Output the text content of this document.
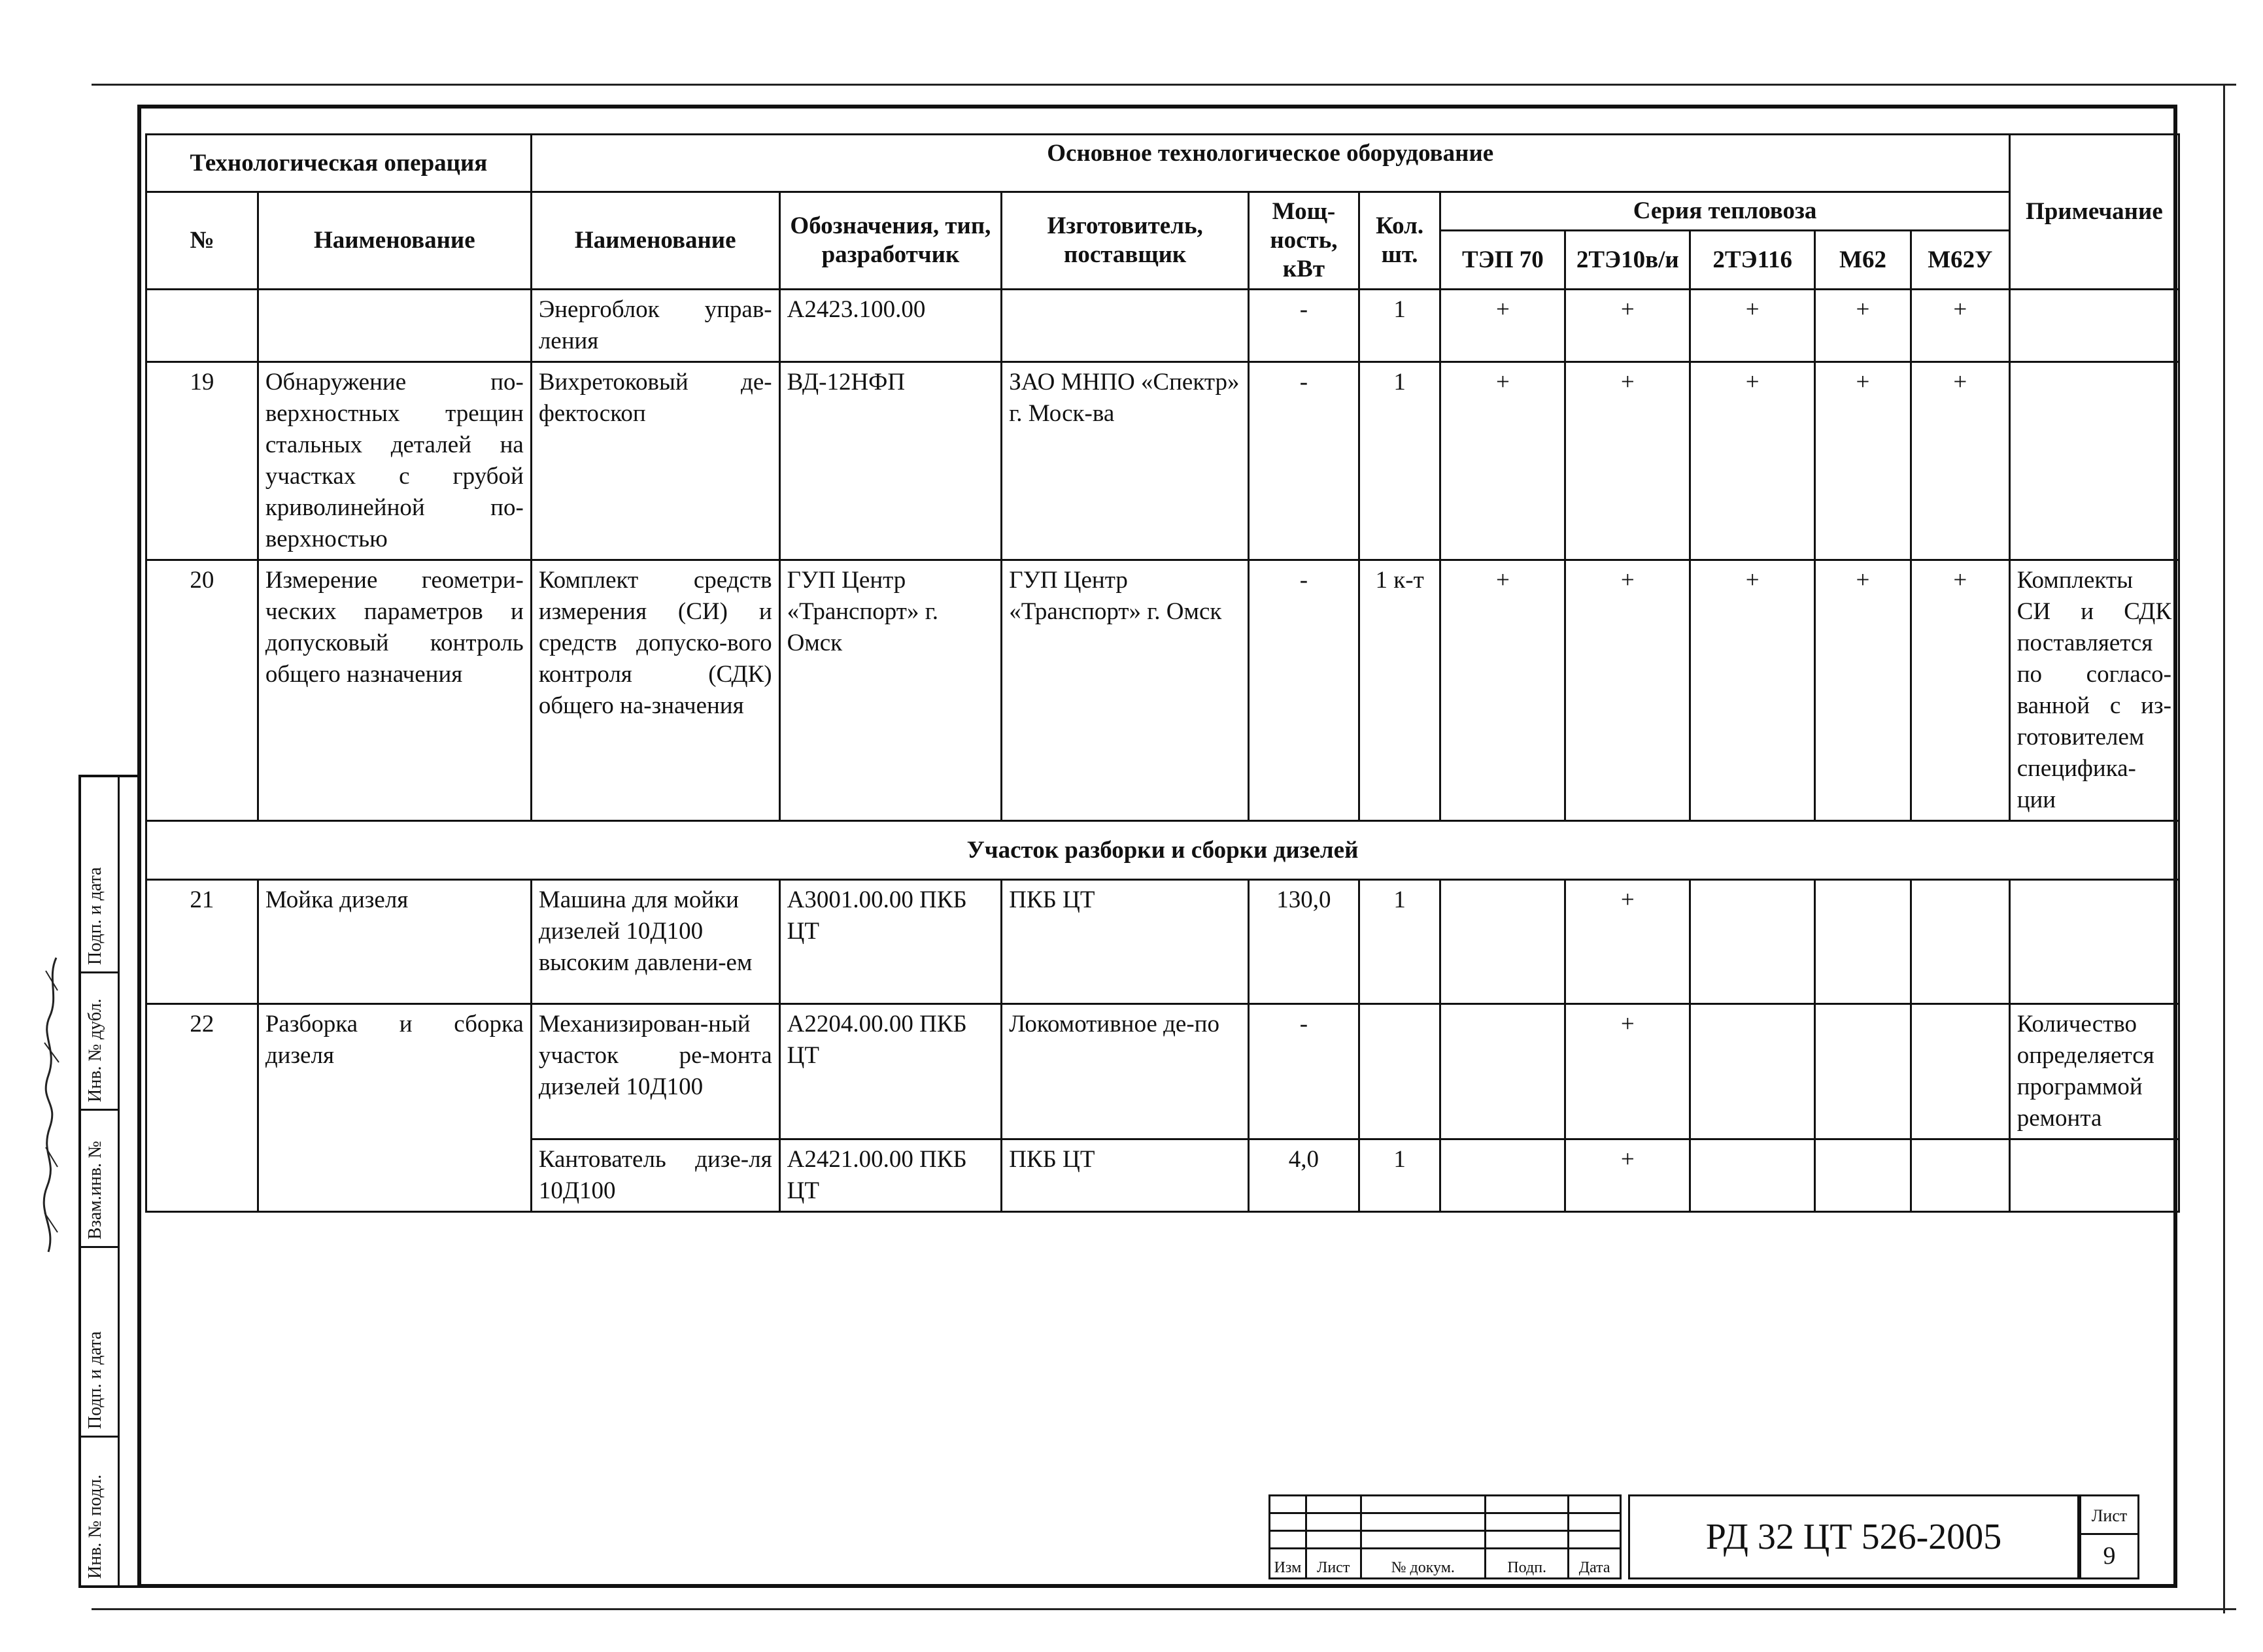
Технологическая операция		Основное технологическое оборудование										Примечание
№	Наименование	Наименование	Обозначения, тип, разработчик	Изготовитель, поставщик	Мощ-ность, кВт	Кол. шт.	Серия тепловоза					
							ТЭП 70	2ТЭ10в/и	2ТЭ116	М62	М62У	
		Энергоблок управ-ления	А2423.100.00		-	1	+	+	+	+	+	
19	Обнаружение по-верхностных трещин стальных деталей на участках с грубой криволинейной по-верхностью	Вихретоковый де-фектоскоп	ВД-12НФП	ЗАО МНПО «Спектр» г. Моск-ва	-	1	+	+	+	+	+	
20	Измерение геометри-ческих параметров и допусковый контроль общего назначения	Комплект средств измерения (СИ) и средств допуско-вого контроля (СДК) общего на-значения	ГУП Центр «Транспорт» г. Омск	ГУП Центр «Транспорт» г. Омск	-	1 к-т	+	+	+	+	+	Комплекты СИ и СДК поставляется по согласо-ванной с из-готовителем специфика-ции
Участок разборки и сборки дизелей												
21	Мойка дизеля	Машина для мойки дизелей 10Д100 высоким давлени-ем	А3001.00.00 ПКБ ЦТ	ПКБ ЦТ	130,0	1		+				
22	Разборка и сборка дизеля	Механизирован-ный участок ре-монта дизелей 10Д100	А2204.00.00 ПКБ ЦТ	Локомотивное де-по	-			+				Количество определяется программой ремонта
		Кантователь дизе-ля 10Д100	А2421.00.00 ПКБ ЦТ	ПКБ ЦТ	4,0	1		+				
Подп. и дата
Инв. № дубл.
Взам.инв. №
Подп. и дата
Инв. № подл.

					Изм	Лист	№ докум.	Подп.	Дата
РД 32 ЦТ 526-2005
Лист
9
